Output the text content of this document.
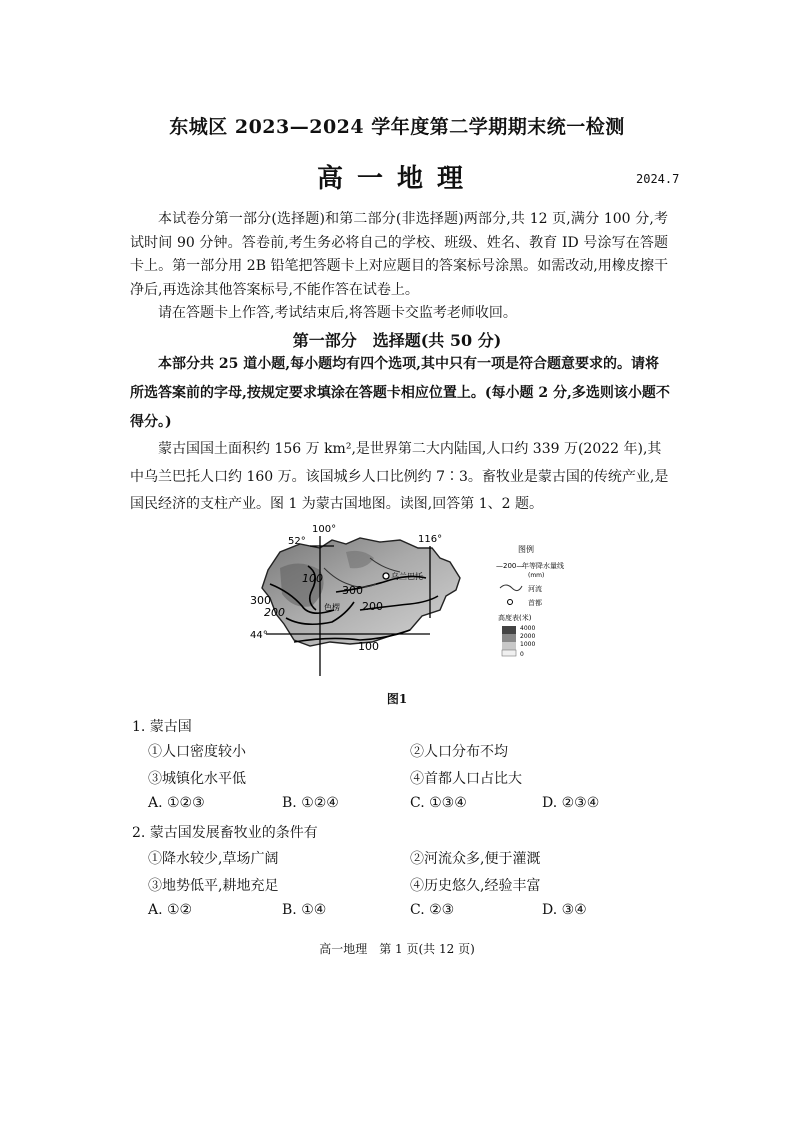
东城区 2023—2024 学年度第二学期期末统一检测
高一地理	2024.7

本试卷分第一部分(选择题)和第二部分(非选择题)两部分,共 12 页,满分 100 分,考试时间 90 分钟。答卷前,考生务必将自己的学校、班级、姓名、教育 ID 号涂写在答题卡上。第一部分用 2B 铅笔把答题卡上对应题目的答案标号涂黑。如需改动,用橡皮擦干净后,再选涂其他答案标号,不能作答在试卷上。

请在答题卡上作答,考试结束后,将答题卡交监考老师收回。

第一部分　选择题(共 50 分)
本部分共 25 道小题,每小题均有四个选项,其中只有一项是符合题意要求的。请将所选答案前的字母,按规定要求填涂在答题卡相应位置上。(每小题 2 分,多选则该小题不得分。)
蒙古国国土面积约 156 万 km²,是世界第二大内陆国,人口约 339 万(2022 年),其中乌兰巴托人口约 160 万。该国城乡人口比例约 7∶3。畜牧业是蒙古国的传统产业,是国民经济的支柱产业。图 1 为蒙古国地图。读图,回答第 1、2 题。
100°
116°
52°
44°
100
300
200
300
200
100
色楞
乌兰巴托
图例
—200—
年等降水量线
(mm)
河流
首都
高度表(米)
4000
2000
1000
0
图1
1. 蒙古国
①人口密度较小	②人口分布不均
③城镇化水平低	④首都人口占比大
A. ①②③	B. ①②④	C. ①③④	D. ②③④
2. 蒙古国发展畜牧业的条件有
①降水较少,草场广阔	②河流众多,便于灌溉
③地势低平,耕地充足	④历史悠久,经验丰富
A. ①②	B. ①④	C. ②③	D. ③④
高一地理　第 1 页(共 12 页)
